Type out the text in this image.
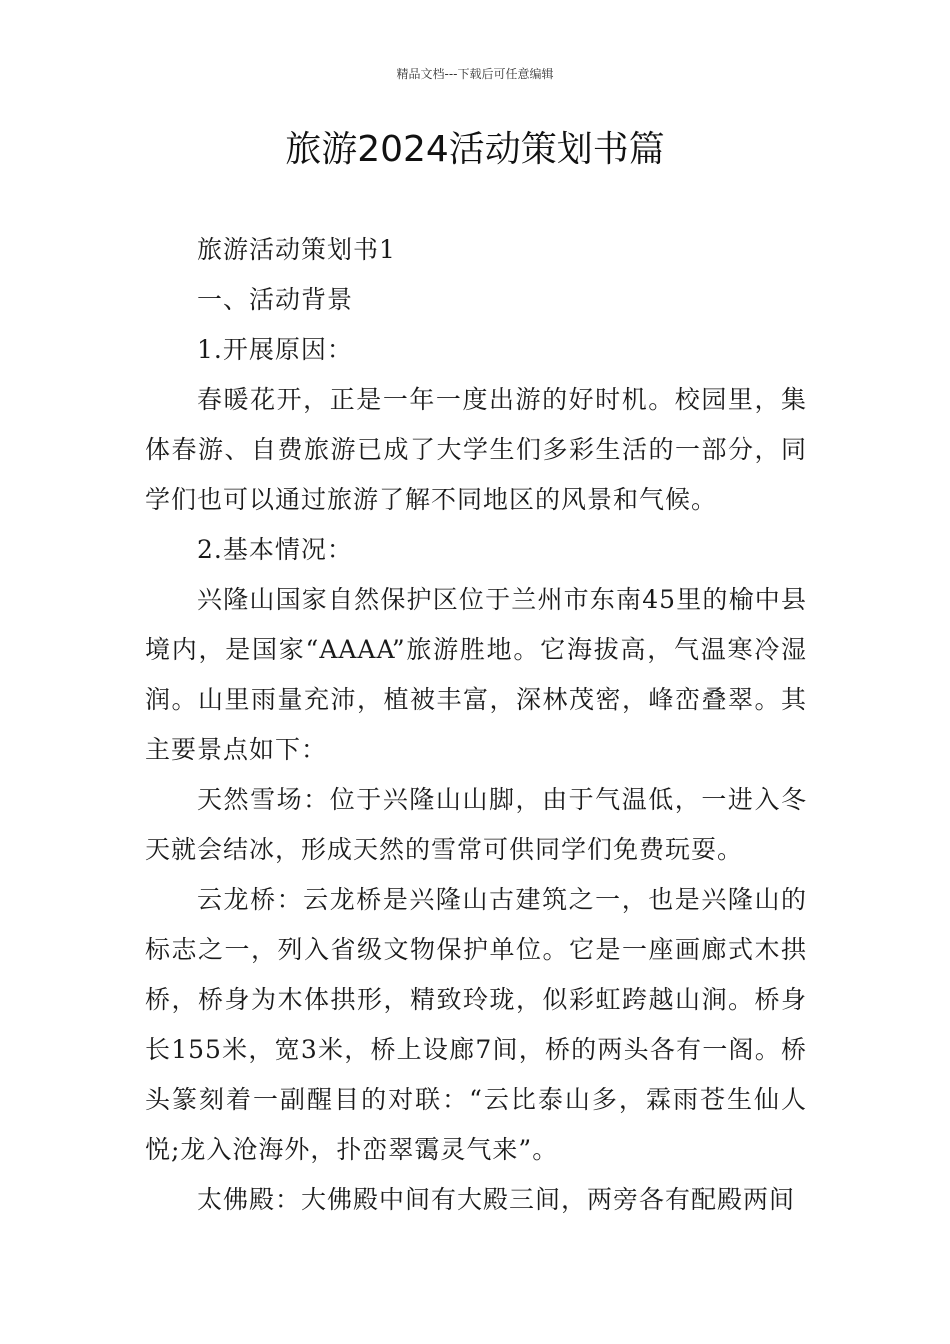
精品文档---下载后可任意编辑
旅游2024活动策划书篇

旅游活动策划书1

一、活动背景

1.开展原因：

春暖花开，正是一年一度出游的好时机。校园里，集体春游、自费旅游已成了大学生们多彩生活的一部分，同学们也可以通过旅游了解不同地区的风景和气候。

2.基本情况：

兴隆山国家自然保护区位于兰州市东南45里的榆中县境内，是国家“AAAA”旅游胜地。它海拔高，气温寒冷湿润。山里雨量充沛，植被丰富，深林茂密，峰峦叠翠。其主要景点如下：

天然雪场：位于兴隆山山脚，由于气温低，一进入冬天就会结冰，形成天然的雪常可供同学们免费玩耍。

云龙桥：云龙桥是兴隆山古建筑之一，也是兴隆山的标志之一，列入省级文物保护单位。它是一座画廊式木拱桥，桥身为木体拱形，精致玲珑，似彩虹跨越山涧。桥身长155米，宽3米，桥上设廊7间，桥的两头各有一阁。桥头篆刻着一副醒目的对联：“云比泰山多，霖雨苍生仙人悦;龙入沧海外，扑峦翠霭灵气来”。

太佛殿：大佛殿中间有大殿三间，两旁各有配殿两间
